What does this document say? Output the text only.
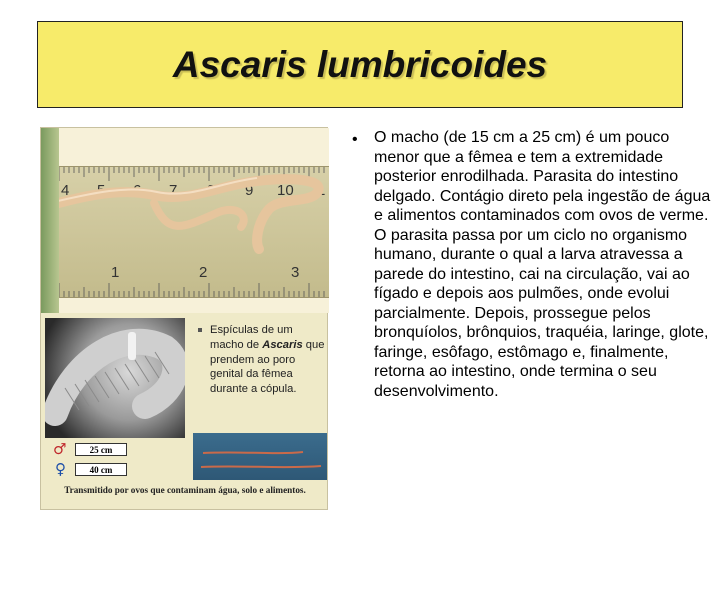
Ascaris lumbricoides
4 5 6 7 8 9 10 1
1	2	3
Photo by Dr. A. McIver University of Leeds
Espículas de um macho de Ascaris que prendem ao poro genital da fêmea durante a cópula.
♂	25 cm
♀	40 cm
Transmitido por ovos que contaminam água, solo e alimentos.
• O macho (de 15 cm a 25 cm) é um pouco menor que a fêmea e tem a extremidade posterior enrodilhada. Parasita do intestino delgado. Contágio direto pela ingestão de água e alimentos contaminados com ovos de verme. O parasita passa por um ciclo no organismo humano, durante o qual a larva atravessa a parede do intestino, cai na circulação, vai ao fígado e depois aos pulmões, onde evolui parcialmente. Depois, prossegue pelos bronquíolos, brônquios, traquéia, laringe, glote, faringe, esôfago, estômago e, finalmente, retorna ao intestino, onde termina o seu desenvolvimento.
